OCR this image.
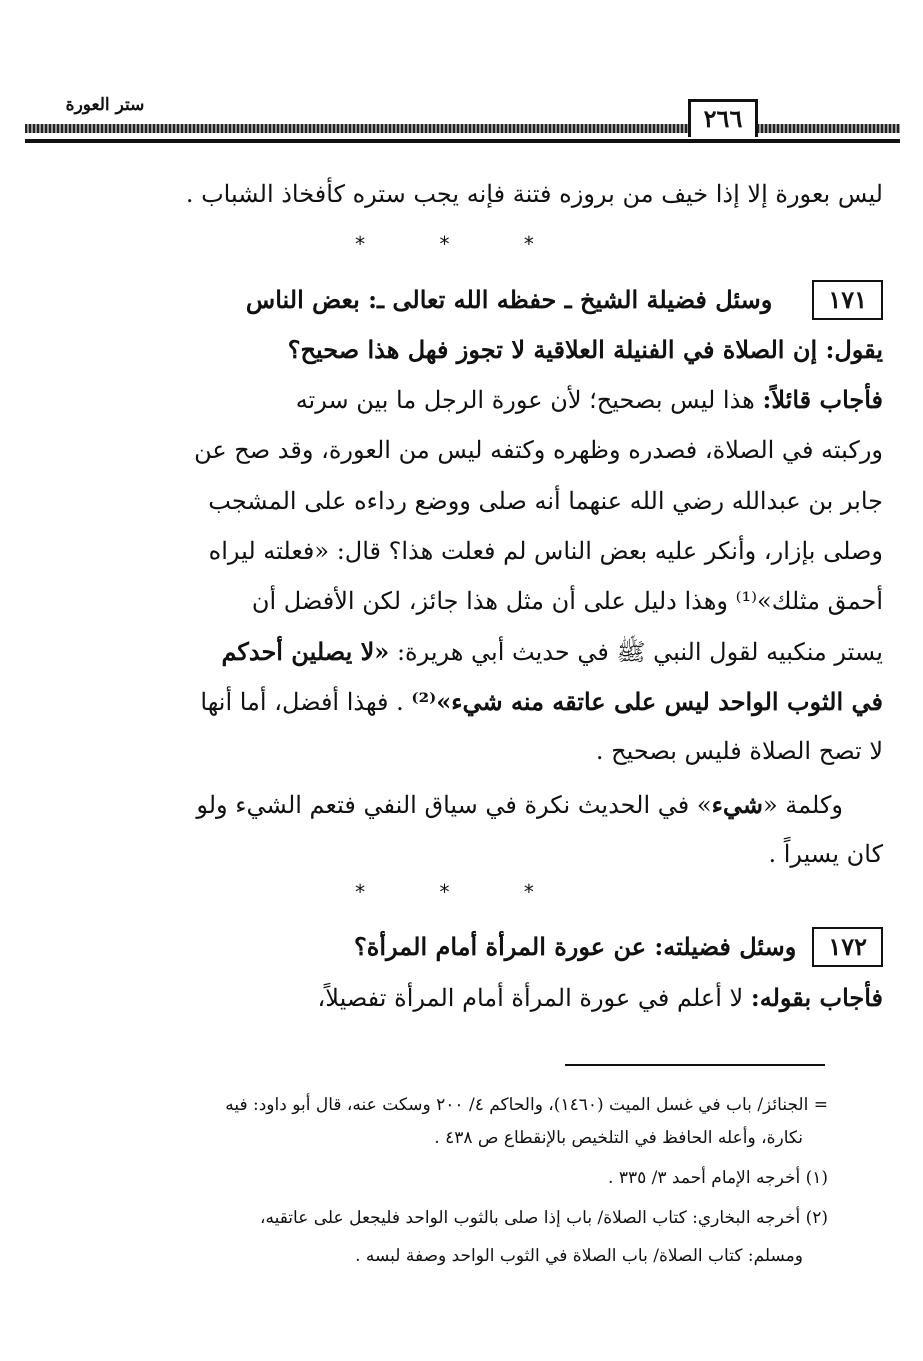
٢٦٦
ستر العورة
ليس بعورة إلا إذا خيف من بروزه فتنة فإنه يجب ستره كأفخاذ الشباب .
* * *
١٧١وسئل فضيلة الشيخ ـ حفظه الله تعالى ـ: بعض الناس
يقول: إن الصلاة في الفنيلة العلاقية لا تجوز فهل هذا صحيح؟
فأجاب قائلاً: هذا ليس بصحيح؛ لأن عورة الرجل ما بين سرته
وركبته في الصلاة، فصدره وظهره وكتفه ليس من العورة، وقد صح عن
جابر بن عبدالله رضي الله عنهما أنه صلى ووضع رداءه على المشجب
وصلى بإزار، وأنكر عليه بعض الناس لم فعلت هذا؟ قال: «فعلته ليراه
أحمق مثلك»⁽¹⁾ وهذا دليل على أن مثل هذا جائز، لكن الأفضل أن
يستر منكبيه لقول النبي ﷺ في حديث أبي هريرة: «لا يصلين أحدكم
في الثوب الواحد ليس على عاتقه منه شيء»⁽²⁾ . فهذا أفضل، أما أنها
لا تصح الصلاة فليس بصحيح .
وكلمة «شيء» في الحديث نكرة في سياق النفي فتعم الشيء ولو
كان يسيراً .
* * *
١٧٢وسئل فضيلته: عن عورة المرأة أمام المرأة؟
فأجاب بقوله: لا أعلم في عورة المرأة أمام المرأة تفصيلاً،
= الجنائز/ باب في غسل الميت (١٤٦٠)، والحاكم ٤/ ٢٠٠ وسكت عنه، قال أبو داود: فيه
نكارة، وأعله الحافظ في التلخيص بالإنقطاع ص ٤٣٨ .
(١) أخرجه الإمام أحمد ٣/ ٣٣٥ .
(٢) أخرجه البخاري: كتاب الصلاة/ باب إذا صلى بالثوب الواحد فليجعل على عاتقيه،
ومسلم: كتاب الصلاة/ باب الصلاة في الثوب الواحد وصفة لبسه .
